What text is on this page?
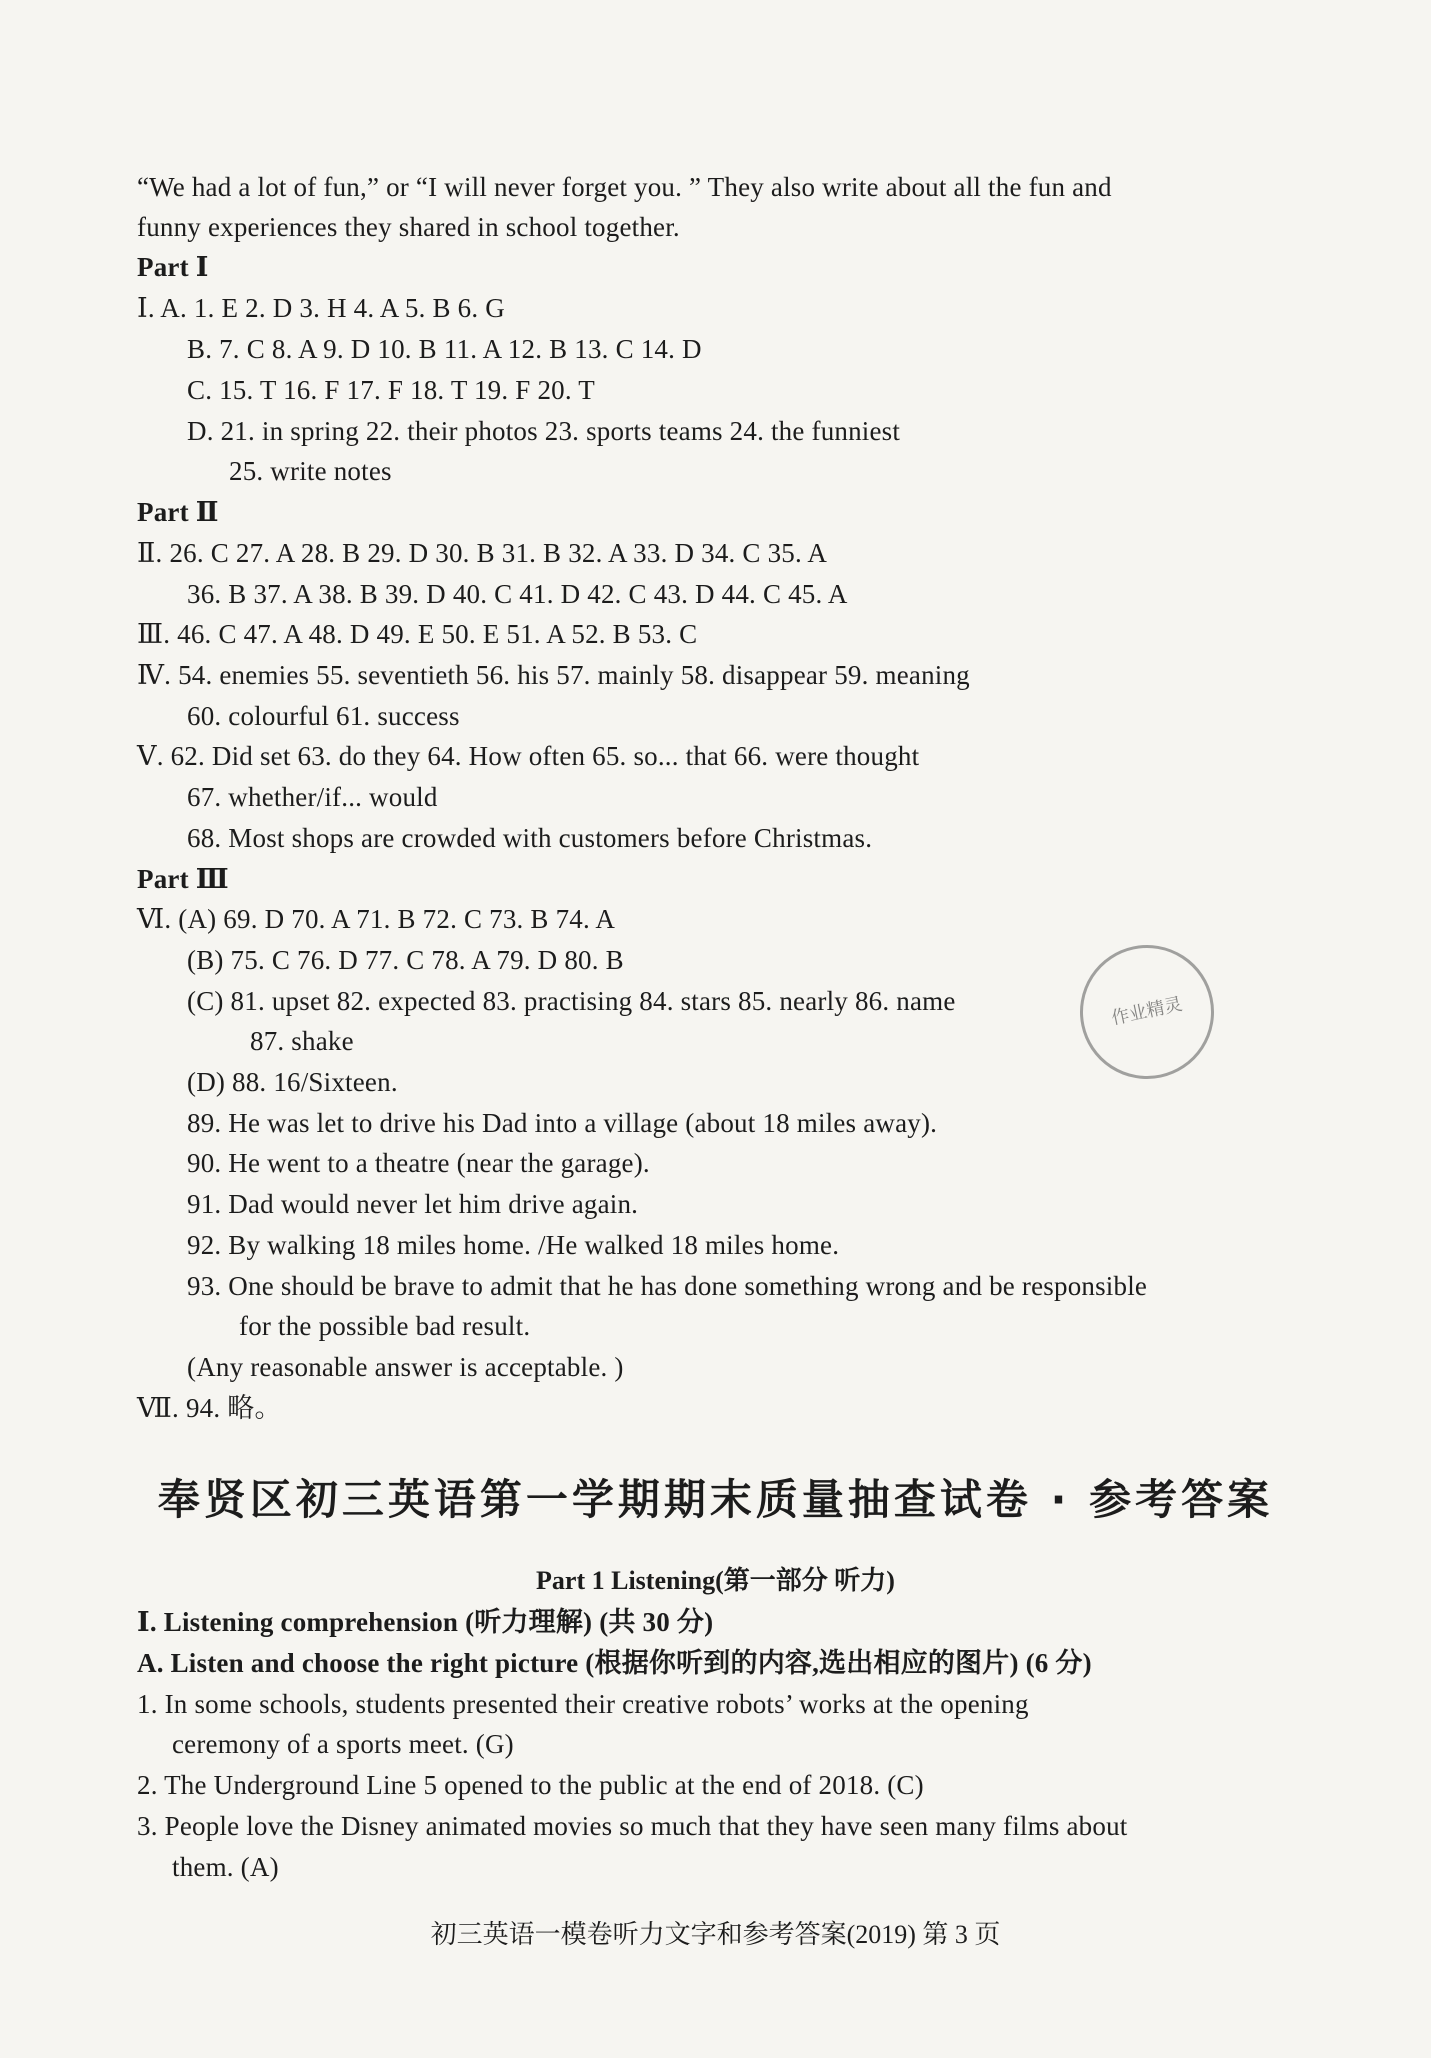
“We had a lot of fun,” or “I will never forget you. ” They also write about all the fun and
funny experiences they shared in school together.
Part Ⅰ
Ⅰ. A. 1. E 2. D 3. H 4. A 5. B 6. G
B. 7. C 8. A 9. D 10. B 11. A 12. B 13. C 14. D
C. 15. T 16. F 17. F 18. T 19. F 20. T
D. 21. in spring 22. their photos 23. sports teams 24. the funniest
25. write notes
Part Ⅱ
Ⅱ. 26. C 27. A 28. B 29. D 30. B 31. B 32. A 33. D 34. C 35. A
36. B 37. A 38. B 39. D 40. C 41. D 42. C 43. D 44. C 45. A
Ⅲ. 46. C 47. A 48. D 49. E 50. E 51. A 52. B 53. C
Ⅳ. 54. enemies 55. seventieth 56. his 57. mainly 58. disappear 59. meaning
60. colourful 61. success
Ⅴ. 62. Did set 63. do they 64. How often 65. so... that 66. were thought
67. whether/if... would
68. Most shops are crowded with customers before Christmas.
Part Ⅲ
Ⅵ. (A) 69. D 70. A 71. B 72. C 73. B 74. A
(B) 75. C 76. D 77. C 78. A 79. D 80. B
(C) 81. upset 82. expected 83. practising 84. stars 85. nearly 86. name
87. shake
(D) 88. 16/Sixteen.
89. He was let to drive his Dad into a village (about 18 miles away).
90. He went to a theatre (near the garage).
91. Dad would never let him drive again.
92. By walking 18 miles home. /He walked 18 miles home.
93. One should be brave to admit that he has done something wrong and be responsible
for the possible bad result.
(Any reasonable answer is acceptable. )
Ⅶ. 94. 略。
作业精灵
奉贤区初三英语第一学期期末质量抽查试卷 · 参考答案
Part 1 Listening(第一部分 听力)
Ⅰ. Listening comprehension (听力理解) (共 30 分)
A. Listen and choose the right picture (根据你听到的内容,选出相应的图片) (6 分)
1. In some schools, students presented their creative robots’ works at the opening
ceremony of a sports meet. (G)
2. The Underground Line 5 opened to the public at the end of 2018. (C)
3. People love the Disney animated movies so much that they have seen many films about
them. (A)
初三英语一模卷听力文字和参考答案(2019) 第 3 页
